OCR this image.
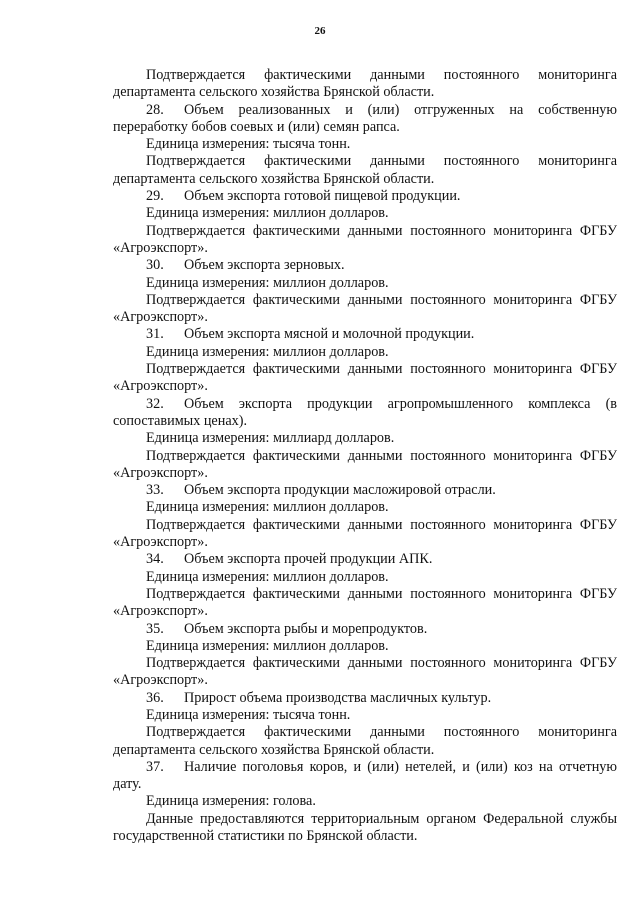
26

Подтверждается фактическими данными постоянного мониторинга департамента сельского хозяйства Брянской области.

28. Объем реализованных и (или) отгруженных на собственную переработку бобов соевых и (или) семян рапса.

Единица измерения: тысяча тонн.

Подтверждается фактическими данными постоянного мониторинга департамента сельского хозяйства Брянской области.

29. Объем экспорта готовой пищевой продукции.

Единица измерения: миллион долларов.

Подтверждается фактическими данными постоянного мониторинга ФГБУ «Агроэкспорт».

30. Объем экспорта зерновых.

Единица измерения: миллион долларов.

Подтверждается фактическими данными постоянного мониторинга ФГБУ «Агроэкспорт».

31. Объем экспорта мясной и молочной продукции.

Единица измерения: миллион долларов.

Подтверждается фактическими данными постоянного мониторинга ФГБУ «Агроэкспорт».

32. Объем экспорта продукции агропромышленного комплекса (в сопоставимых ценах).

Единица измерения: миллиард долларов.

Подтверждается фактическими данными постоянного мониторинга ФГБУ «Агроэкспорт».

33. Объем экспорта продукции масложировой отрасли.

Единица измерения: миллион долларов.

Подтверждается фактическими данными постоянного мониторинга ФГБУ «Агроэкспорт».

34. Объем экспорта прочей продукции АПК.

Единица измерения: миллион долларов.

Подтверждается фактическими данными постоянного мониторинга ФГБУ «Агроэкспорт».

35. Объем экспорта рыбы и морепродуктов.

Единица измерения: миллион долларов.

Подтверждается фактическими данными постоянного мониторинга ФГБУ «Агроэкспорт».

36. Прирост объема производства масличных культур.

Единица измерения: тысяча тонн.

Подтверждается фактическими данными постоянного мониторинга департамента сельского хозяйства Брянской области.

37. Наличие поголовья коров, и (или) нетелей, и (или) коз на отчетную дату.

Единица измерения: голова.

Данные предоставляются территориальным органом Федеральной службы государственной статистики по Брянской области.
